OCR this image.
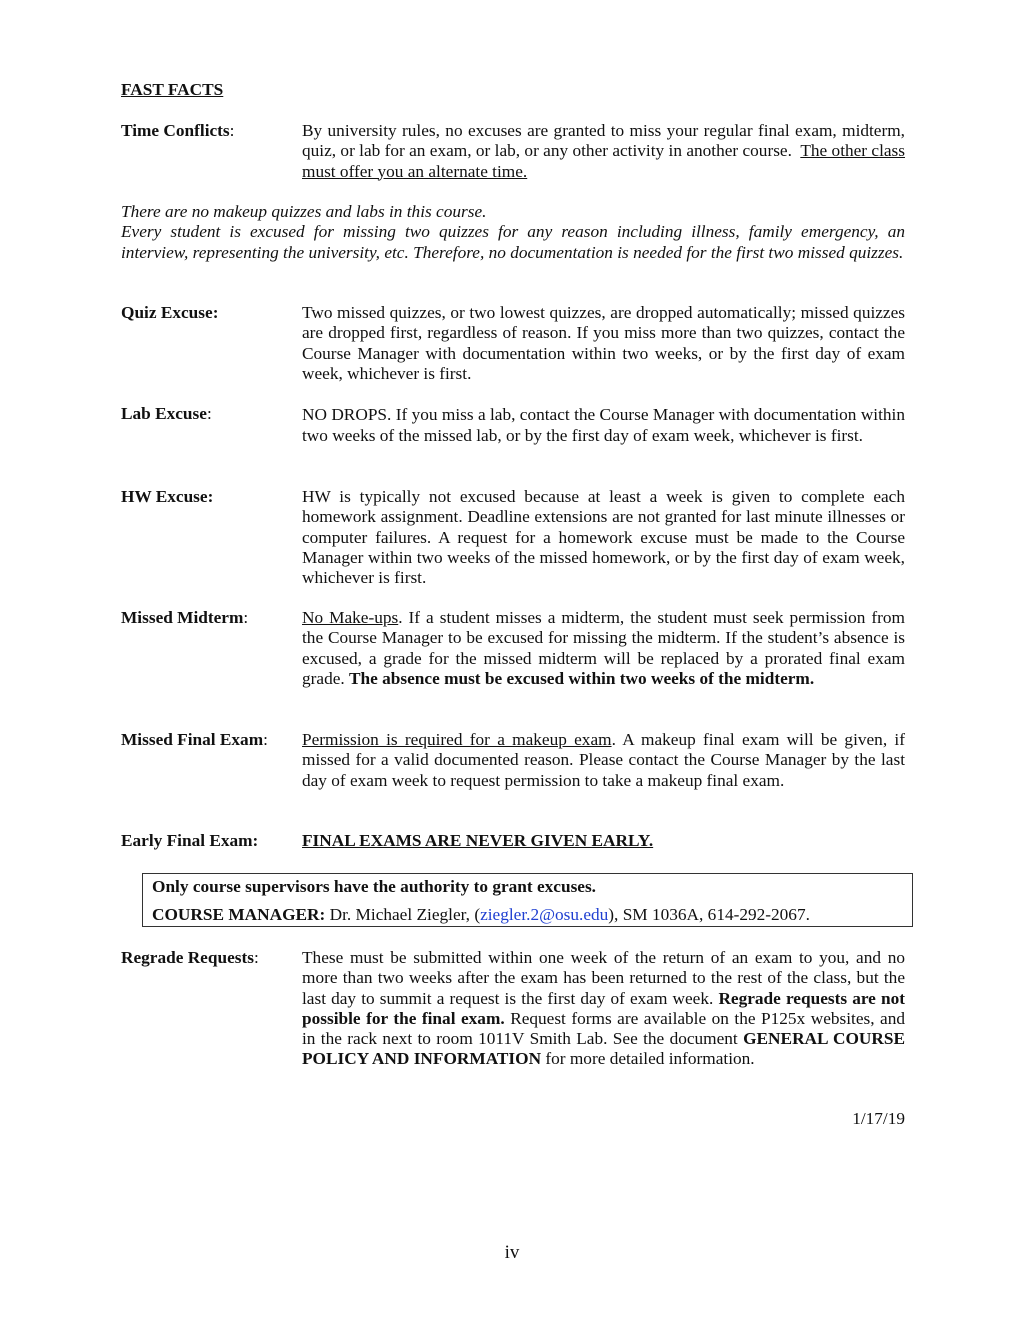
FAST FACTS
Time Conflicts:	By university rules, no excuses are granted to miss your regular final exam, midterm, quiz, or lab for an exam, or lab, or any other activity in another course. The other class must offer you an alternate time.

There are no makeup quizzes and labs in this course.

Every student is excused for missing two quizzes for any reason including illness, family emergency, an interview, representing the university, etc. Therefore, no documentation is needed for the first two missed quizzes.

Quiz Excuse:	Two missed quizzes, or two lowest quizzes, are dropped automatically; missed quizzes are dropped first, regardless of reason. If you miss more than two quizzes, contact the Course Manager with documentation within two weeks, or by the first day of exam week, whichever is first.
Lab Excuse:	NO DROPS. If you miss a lab, contact the Course Manager with documentation within two weeks of the missed lab, or by the first day of exam week, whichever is first.
HW Excuse:	HW is typically not excused because at least a week is given to complete each homework assignment. Deadline extensions are not granted for last minute illnesses or computer failures. A request for a homework excuse must be made to the Course Manager within two weeks of the missed homework, or by the first day of exam week, whichever is first.
Missed Midterm:	No Make-ups. If a student misses a midterm, the student must seek permission from the Course Manager to be excused for missing the midterm. If the student’s absence is excused, a grade for the missed midterm will be replaced by a prorated final exam grade. The absence must be excused within two weeks of the midterm.
Missed Final Exam: Permission is required for a makeup exam. A makeup final exam will be given, if missed for a valid documented reason. Please contact the Course Manager by the last day of exam week to request permission to take a makeup final exam.
Early Final Exam:	FINAL EXAMS ARE NEVER GIVEN EARLY.

Only course supervisors have the authority to grant excuses.

COURSE MANAGER: Dr. Michael Ziegler, (ziegler.2@osu.edu), SM 1036A, 614-292-2067.

Regrade Requests: These must be submitted within one week of the return of an exam to you, and no more than two weeks after the exam has been returned to the rest of the class, but the last day to summit a request is the first day of exam week. Regrade requests are not possible for the final exam. Request forms are available on the P125x websites, and in the rack next to room 1011V Smith Lab. See the document GENERAL COURSE POLICY AND INFORMATION for more detailed information.
1/17/19
iv
